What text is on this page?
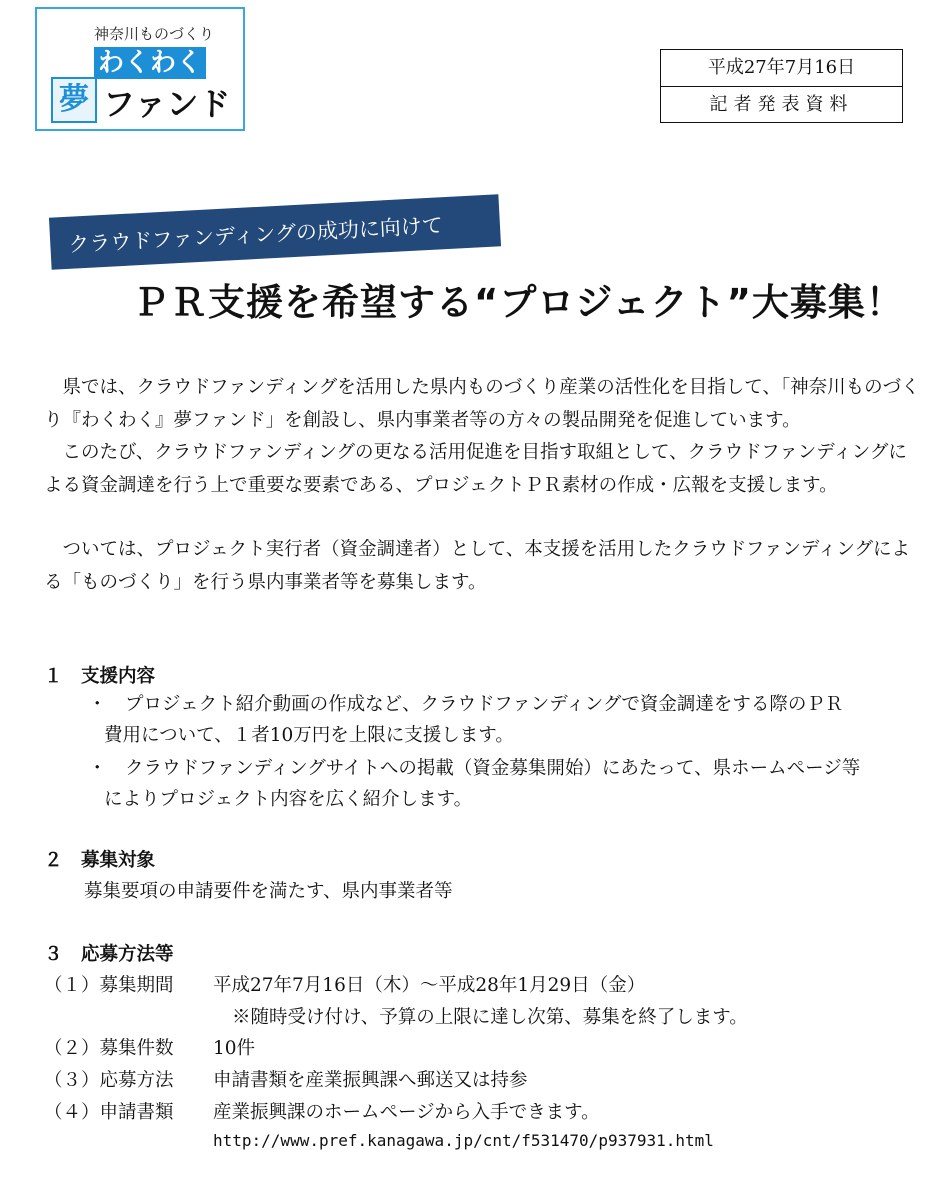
神奈川ものづくり
わくわく
夢 ファンド
平成27年7月16日
記者発表資料
クラウドファンディングの成功に向けて
ＰＲ支援を希望する“プロジェクト”大募集！
　県では、クラウドファンディングを活用した県内ものづくり産業の活性化を目指して、「神奈川ものづくり『わくわく』夢ファンド」を創設し、県内事業者等の方々の製品開発を促進しています。
　このたび、クラウドファンディングの更なる活用促進を目指す取組として、クラウドファンディングによる資金調達を行う上で重要な要素である、プロジェクトＰＲ素材の作成・広報を支援します。
　ついては、プロジェクト実行者（資金調達者）として、本支援を活用したクラウドファンディングによる「ものづくり」を行う県内事業者等を募集します。
１　支援内容
・ プロジェクト紹介動画の作成など、クラウドファンディングで資金調達をする際のＰＲ
費用について、１者10万円を上限に支援します。
・ クラウドファンディングサイトへの掲載（資金募集開始）にあたって、県ホームページ等
によりプロジェクト内容を広く紹介します。
２　募集対象
募集要項の申請要件を満たす、県内事業者等
３　応募方法等
（１）募集期間 平成27年7月16日（木）～平成28年1月29日（金）
※随時受け付け、予算の上限に達し次第、募集を終了します。
（２）募集件数 10件
（３）応募方法 申請書類を産業振興課へ郵送又は持参
（４）申請書類 産業振興課のホームページから入手できます。
http://www.pref.kanagawa.jp/cnt/f531470/p937931.html
